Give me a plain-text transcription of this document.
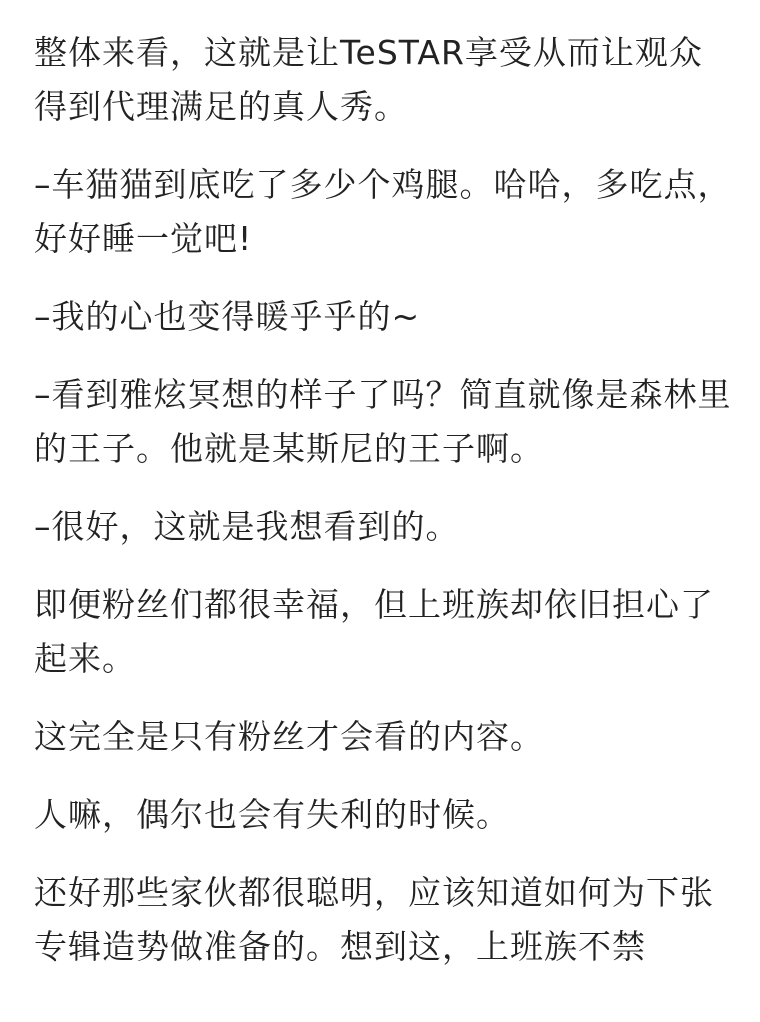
整体来看，这就是让TeSTAR享受从而让观众得到代理满足的真人秀。

–车猫猫到底吃了多少个鸡腿。哈哈，多吃点，好好睡一觉吧!

–我的心也变得暖乎乎的~

–看到雅炫冥想的样子了吗？简直就像是森林里的王子。他就是某斯尼的王子啊。

–很好，这就是我想看到的。

即便粉丝们都很幸福，但上班族却依旧担心了起来。

这完全是只有粉丝才会看的内容。

人嘛，偶尔也会有失利的时候。

还好那些家伙都很聪明，应该知道如何为下张专辑造势做准备的。想到这，上班族不禁
